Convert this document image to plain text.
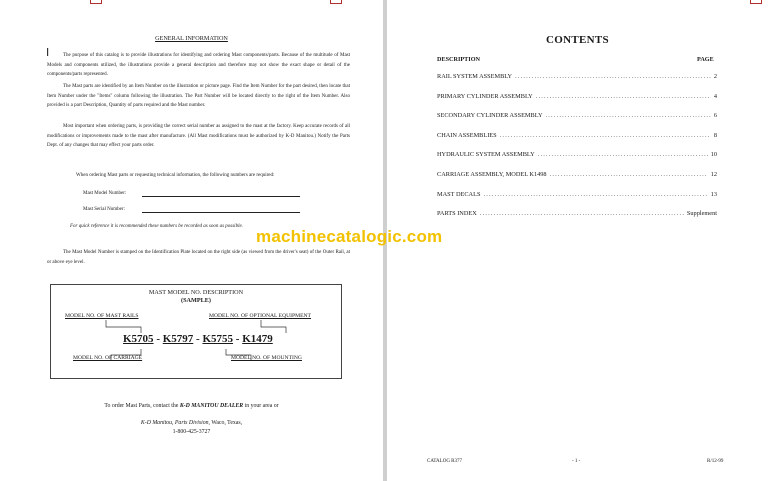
GENERAL INFORMATION
I	The purpose of this catalog is to provide illustrations for identifying and ordering Mast components/parts. Because of the multitude of Mast Models and components utilized, the illustrations provide a general description and therefore may not show the exact shape or detail of the components/parts represented.

The Mast parts are identified by an Item Number on the illustration or picture page. Find the Item Number for the part desired, then locate that Item Number under the "Items" column following the illustration. The Part Number will be located directly to the right of the Item Number. Also provided is a part Description, Quantity of parts required and the Mast number.

Most important when ordering parts, is providing the correct serial number as assigned to the mast at the factory. Keep accurate records of all modifications or improvements made to the mast after manufacture. (All Mast modifications must be authorized by K-D Manitou.) Notify the Parts Dept. of any changes that may effect your parts order.

When ordering Mast parts or requesting technical information, the following numbers are required:

Mast Model Number:
Mast Serial Number:

For quick reference it is recommended these numbers be recorded as soon as possible.

The Mast Model Number is stamped on the Identification Plate located on the right side (as viewed from the driver's seat) of the Outer Rail, at or above eye level.

MAST MODEL NO. DESCRIPTION
(SAMPLE)
MODEL NO. OF MAST RAILS	MODEL NO. OF OPTIONAL EQUIPMENT
K5705 - K5797 - K5755 - K1479
MODEL NO. OF CARRIAGE	MODEL NO. OF MOUNTING
To order Mast Parts, contact the K-D MANITOU DEALER in your area or
K-D Manitou, Parts Division, Waco, Texas,
1-800-425-3727
CONTENTS
DESCRIPTION	PAGE
RAIL SYSTEM ASSEMBLY .....	2
PRIMARY CYLINDER ASSEMBLY .....	4
SECONDARY CYLINDER ASSEMBLY .....	6
CHAIN ASSEMBLIES .....	8
HYDRAULIC SYSTEM ASSEMBLY .....	10
CARRIAGE ASSEMBLY, MODEL K1498 .....	12
MAST DECALS .....	13
PARTS INDEX .....	Supplement
CATALOG R377	- 1 -	R/12-99
machinecatalogic.com
